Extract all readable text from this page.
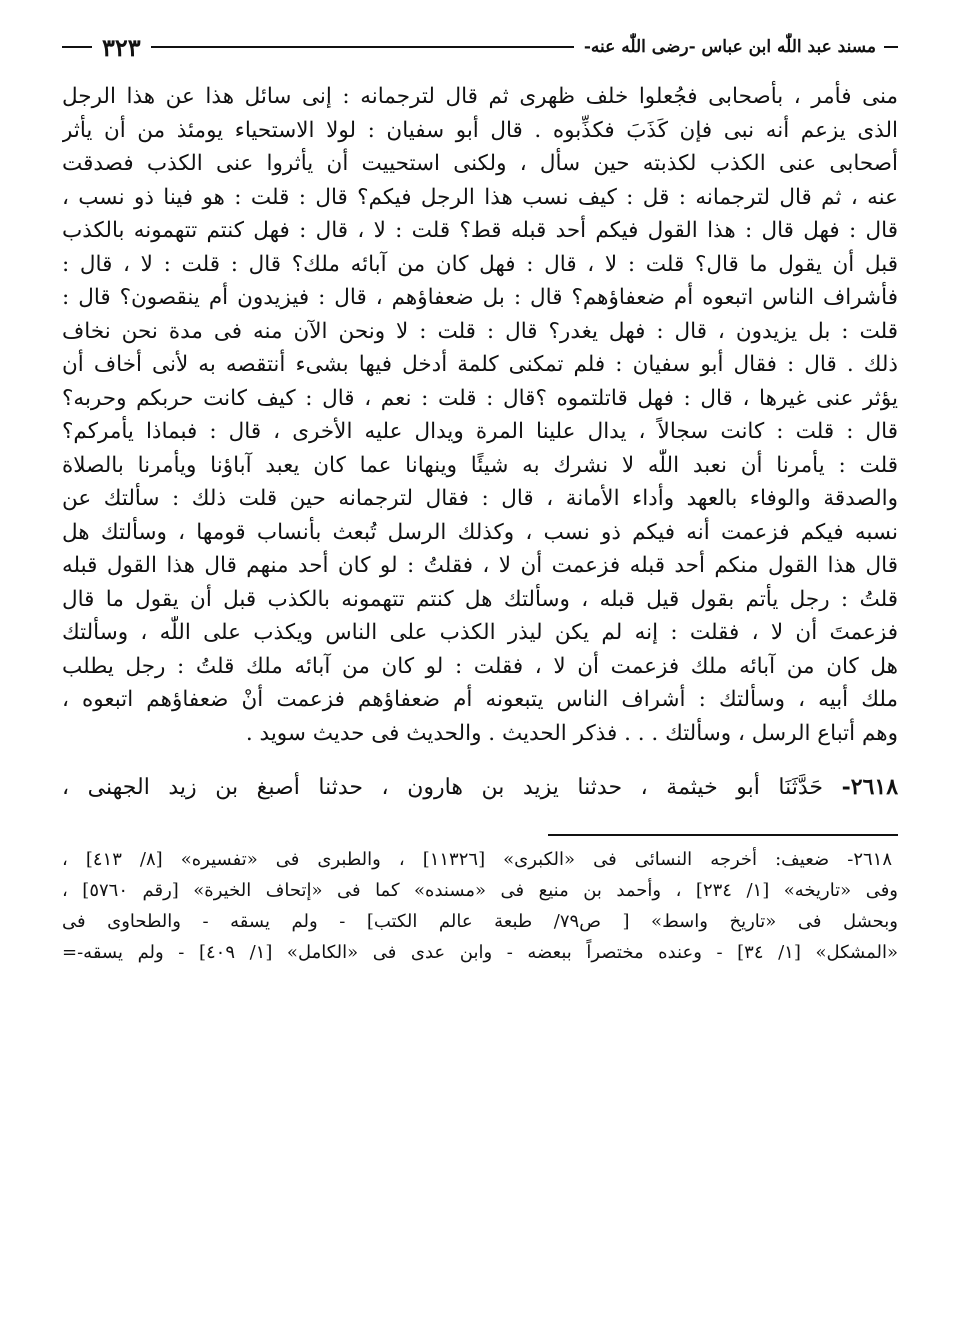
مسند عبد اللّٰه ابن عباس -رضى اللّٰه عنه-
٣٢٣
منى فأمر ، بأصحابى فجُعلوا خلف ظهرى ثم قال لترجمانه : إنى سائل هذا عن هذا الرجل
الذى يزعم أنه نبى فإن كَذَبَ فكذِّبوه . قال أبو سفيان : لولا الاستحياء يومئذ من أن يأثر
أصحابى عنى الكذب لكذبته حين سأل ، ولكنى استحييت أن يأثروا عنى الكذب فصدقت
عنه ، ثم قال لترجمانه : قل : كيف نسب هذا الرجل فيكم؟ قال : قلت : هو فينا ذو نسب ،
قال : فهل قال : هذا القول فيكم أحد قبله قط؟ قلت : لا ، قال : فهل كنتم تتهمونه بالكذب
قبل أن يقول ما قال؟ قلت : لا ، قال : فهل كان من آبائه ملك؟ قال : قلت : لا ، قال :
فأشراف الناس اتبعوه أم ضعفاؤهم؟ قال : بل ضعفاؤهم ، قال : فيزيدون أم ينقصون؟ قال :
قلت : بل يزيدون ، قال : فهل يغدر؟ قال : قلت : لا ونحن الآن منه فى مدة نحن نخاف
ذلك . قال : فقال أبو سفيان : فلم تمكنى كلمة أدخل فيها بشىء أنتقصه به لأنى أخاف أن
يؤثر عنى غيرها ، قال : فهل قاتلتموه ؟قال : قلت : نعم ، قال : كيف كانت حربكم وحربه؟
قال : قلت : كانت سجالاً ، يدال علينا المرة ويدال عليه الأخرى ، قال : فبماذا يأمركم؟
قلت : يأمرنا أن نعبد اللّٰه لا نشرك به شيئًا وينهانا عما كان يعبد آباؤنا ويأمرنا بالصلاة
والصدقة والوفاء بالعهد وأداء الأمانة ، قال : فقال لترجمانه حين قلت ذلك : سألتك عن
نسبه فيكم فزعمت أنه فيكم ذو نسب ، وكذلك الرسل تُبعث بأنساب قومها ، وسألتك هل
قال هذا القول منكم أحد قبله فزعمت أن لا ، فقلتُ : لو كان أحد منهم قال هذا القول قبله
قلتُ : رجل يأتم بقول قيل قبله ، وسألتك هل كنتم تتهمونه بالكذب قبل أن يقول ما قال
فزعمتَ أن لا ، فقلت : إنه لم يكن ليذر الكذب على الناس ويكذب على اللّٰه ، وسألتك
هل كان من آبائه ملك فزعمت أن لا ، فقلت : لو كان من آبائه ملك قلتُ : رجل يطلب
ملك أبيه ، وسألتك : أشراف الناس يتبعونه أم ضعفاؤهم فزعمت أنْ ضعفاؤهم اتبعوه ،
وهم أتباع الرسل ، وسألتك . . . فذكر الحديث . والحديث فى حديث سويد .
٢٦١٨- حَدَّثَنَا أبو خيثمة ، حدثنا يزيد بن هارون ، حدثنا أصبغ بن زيد الجهنى ،
٢٦١٨- ضعيف: أخرجه النسائى فى «الكبرى» [١١٣٢٦] ، والطبرى فى «تفسيره» [٨/ ٤١٣] ،
وفى «تاريخه» [١/ ٢٣٤] ، وأحمد بن منيع فى «مسنده» كما فى «إتحاف الخيرة» [رقم ٥٧٦٠] ،
وبحشل فى «تاريخ واسط» [ ص٧٩/ طبعة عالم الكتب] - ولم يسقه - والطحاوى فى
«المشكل» [١/ ٣٤] - وعنده مختصراً ببعضه - وابن عدى فى «الكامل» [١/ ٤٠٩] - ولم يسقه-=
